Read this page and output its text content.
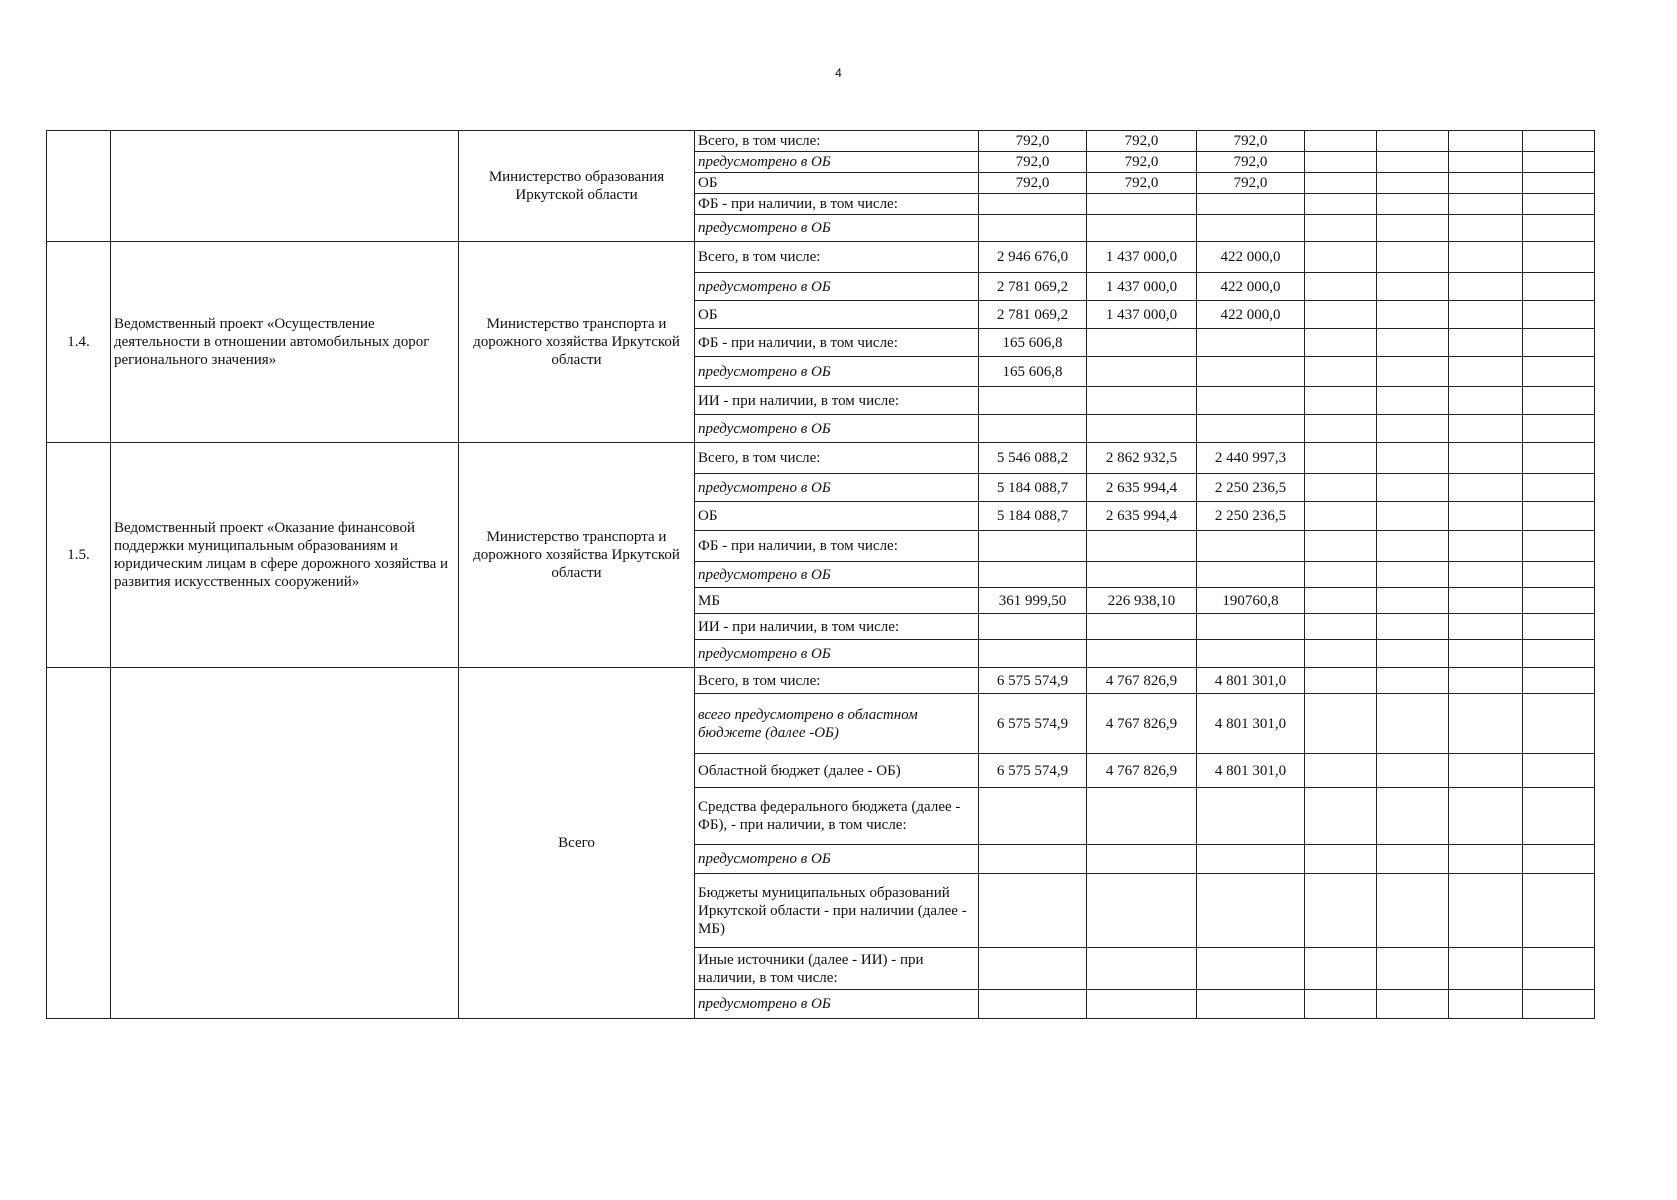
4
		Министерство образования Иркутской области	Всего, в том числе:	792,0	792,0	792,0				
			предусмотрено в ОБ	792,0	792,0	792,0				
			ОБ	792,0	792,0	792,0				
			ФБ - при наличии, в том числе:							
			предусмотрено в ОБ							
1.4.	Ведомственный проект «Осуществление деятельности в отношении автомобильных дорог регионального значения»	Министерство транспорта и дорожного хозяйства Иркутской области	Всего, в том числе:	2 946 676,0	1 437 000,0	422 000,0				
			предусмотрено в ОБ	2 781 069,2	1 437 000,0	422 000,0				
			ОБ	2 781 069,2	1 437 000,0	422 000,0				
			ФБ - при наличии, в том числе:	165 606,8						
			предусмотрено в ОБ	165 606,8						
			ИИ - при наличии, в том числе:							
			предусмотрено в ОБ							
1.5.	Ведомственный проект «Оказание финансовой поддержки муниципальным образованиям и юридическим лицам в сфере дорожного хозяйства и развития искусственных сооружений»	Министерство транспорта и дорожного хозяйства Иркутской области	Всего, в том числе:	5 546 088,2	2 862 932,5	2 440 997,3				
			предусмотрено в ОБ	5 184 088,7	2 635 994,4	2 250 236,5				
			ОБ	5 184 088,7	2 635 994,4	2 250 236,5				
			ФБ - при наличии, в том числе:							
			предусмотрено в ОБ							
			МБ	361 999,50	226 938,10	190760,8				
			ИИ - при наличии, в том числе:							
			предусмотрено в ОБ							
		Всего	Всего, в том числе:	6 575 574,9	4 767 826,9	4 801 301,0				
			всего предусмотрено в областном бюджете (далее -ОБ)	6 575 574,9	4 767 826,9	4 801 301,0				
			Областной бюджет (далее - ОБ)	6 575 574,9	4 767 826,9	4 801 301,0				
			Средства федерального бюджета (далее - ФБ), - при наличии, в том числе:							
			предусмотрено в ОБ							
			Бюджеты муниципальных образований Иркутской области - при наличии (далее - МБ)							
			Иные источники (далее - ИИ) - при наличии, в том числе:							
			предусмотрено в ОБ							
